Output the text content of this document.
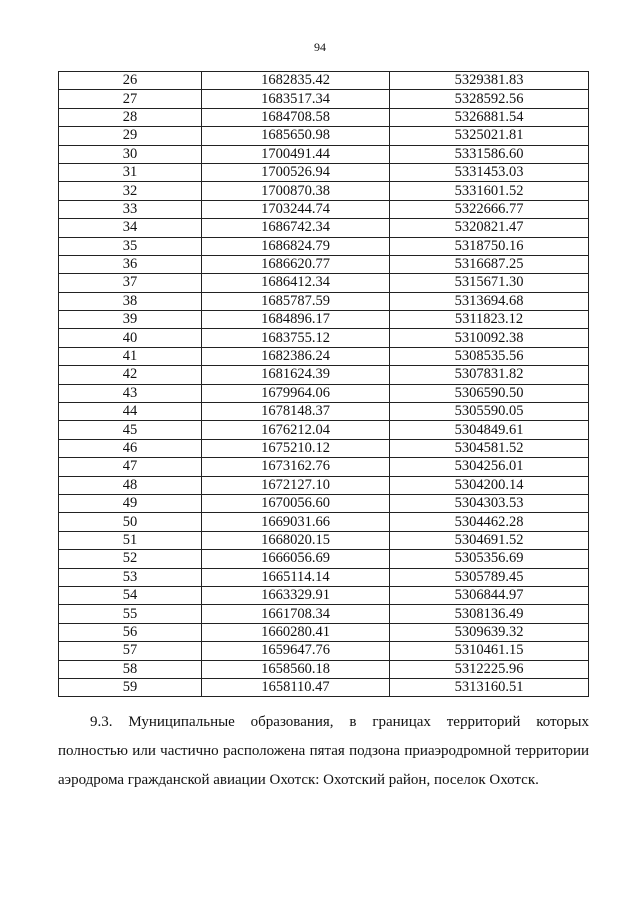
94
26	1682835.42	5329381.83
27	1683517.34	5328592.56
28	1684708.58	5326881.54
29	1685650.98	5325021.81
30	1700491.44	5331586.60
31	1700526.94	5331453.03
32	1700870.38	5331601.52
33	1703244.74	5322666.77
34	1686742.34	5320821.47
35	1686824.79	5318750.16
36	1686620.77	5316687.25
37	1686412.34	5315671.30
38	1685787.59	5313694.68
39	1684896.17	5311823.12
40	1683755.12	5310092.38
41	1682386.24	5308535.56
42	1681624.39	5307831.82
43	1679964.06	5306590.50
44	1678148.37	5305590.05
45	1676212.04	5304849.61
46	1675210.12	5304581.52
47	1673162.76	5304256.01
48	1672127.10	5304200.14
49	1670056.60	5304303.53
50	1669031.66	5304462.28
51	1668020.15	5304691.52
52	1666056.69	5305356.69
53	1665114.14	5305789.45
54	1663329.91	5306844.97
55	1661708.34	5308136.49
56	1660280.41	5309639.32
57	1659647.76	5310461.15
58	1658560.18	5312225.96
59	1658110.47	5313160.51

9.3. Муниципальные образования, в границах территорий которых полностью или частично расположена пятая подзона приаэродромной территории аэродрома гражданской авиации Охотск: Охотский район, поселок Охотск.
